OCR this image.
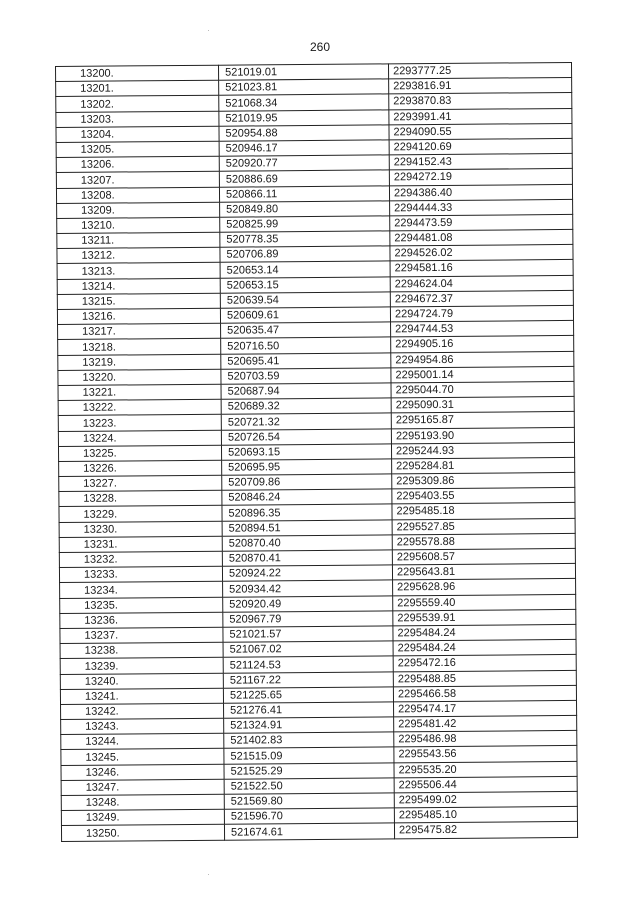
260
13200.	521019.01	2293777.25
13201.	521023.81	2293816.91
13202.	521068.34	2293870.83
13203.	521019.95	2293991.41
13204.	520954.88	2294090.55
13205.	520946.17	2294120.69
13206.	520920.77	2294152.43
13207.	520886.69	2294272.19
13208.	520866.11	2294386.40
13209.	520849.80	2294444.33
13210.	520825.99	2294473.59
13211.	520778.35	2294481.08
13212.	520706.89	2294526.02
13213.	520653.14	2294581.16
13214.	520653.15	2294624.04
13215.	520639.54	2294672.37
13216.	520609.61	2294724.79
13217.	520635.47	2294744.53
13218.	520716.50	2294905.16
13219.	520695.41	2294954.86
13220.	520703.59	2295001.14
13221.	520687.94	2295044.70
13222.	520689.32	2295090.31
13223.	520721.32	2295165.87
13224.	520726.54	2295193.90
13225.	520693.15	2295244.93
13226.	520695.95	2295284.81
13227.	520709.86	2295309.86
13228.	520846.24	2295403.55
13229.	520896.35	2295485.18
13230.	520894.51	2295527.85
13231.	520870.40	2295578.88
13232.	520870.41	2295608.57
13233.	520924.22	2295643.81
13234.	520934.42	2295628.96
13235.	520920.49	2295559.40
13236.	520967.79	2295539.91
13237.	521021.57	2295484.24
13238.	521067.02	2295484.24
13239.	521124.53	2295472.16
13240.	521167.22	2295488.85
13241.	521225.65	2295466.58
13242.	521276.41	2295474.17
13243.	521324.91	2295481.42
13244.	521402.83	2295486.98
13245.	521515.09	2295543.56
13246.	521525.29	2295535.20
13247.	521522.50	2295506.44
13248.	521569.80	2295499.02
13249.	521596.70	2295485.10
13250.	521674.61	2295475.82
